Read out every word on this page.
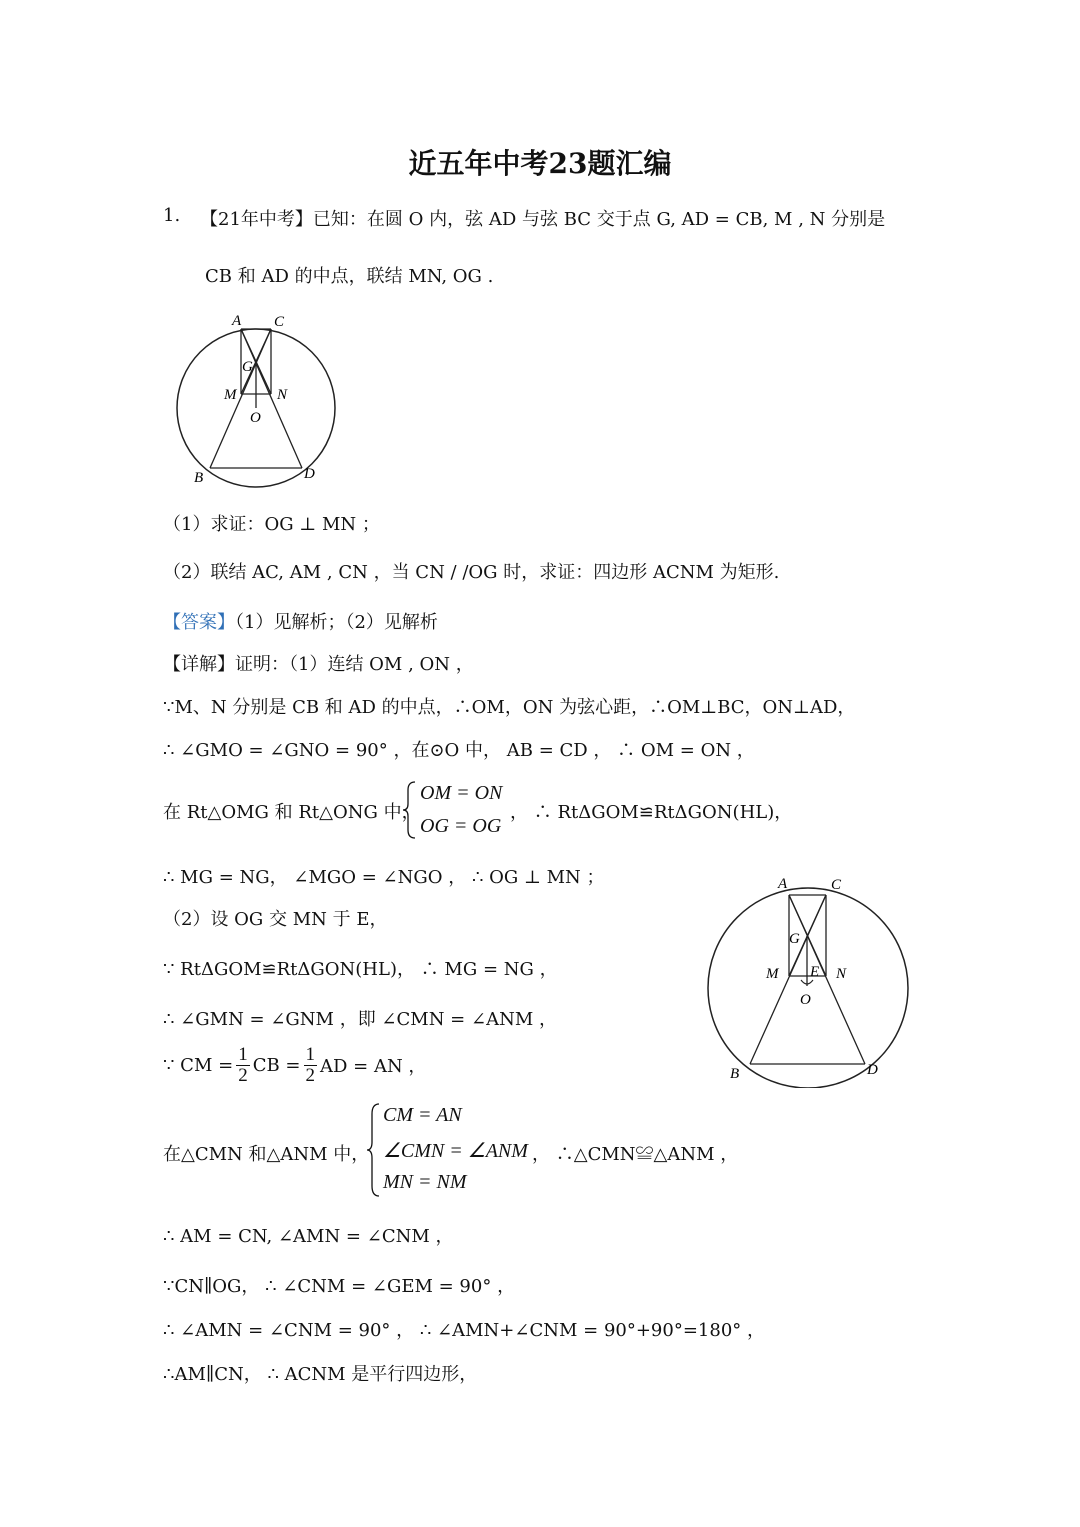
近五年中考23题汇编
1. 【21年中考】已知：在圆 O 内，弦 AD 与弦 BC 交于点 G, AD = CB, M , N 分别是
CB 和 AD 的中点，联结 MN, OG .
A C
G
M	N
O
B	D
（1）求证：OG ⊥ MN ；
（2）联结 AC, AM , CN ，当 CN / /OG 时，求证：四边形 ACNM 为矩形.
【答案】（1）见解析；（2）见解析
【详解】证明：（1）连结 OM , ON ，
∵M、N 分别是 CB 和 AD 的中点，∴OM，ON 为弦心距，∴OM⊥BC，ON⊥AD，
∴ ∠GMO = ∠GNO = 90° ，在⊙O 中， AB = CD ， ∴ OM = ON ，
在 Rt△OMG 和 Rt△ONG 中，
OM = ON
OG = OG
， ∴ RtΔGOM≌RtΔGON(HL)，
∴ MG = NG， ∠MGO = ∠NGO ， ∴ OG ⊥ MN ；
（2）设 OG 交 MN 于 E，
∵ RtΔGOM≌RtΔGON(HL)， ∴ MG = NG ，
∴ ∠GMN = ∠GNM ，即 ∠CMN = ∠ANM ，
∵ CM = $\frac{1}{2}$ CB = $\frac{1}{2}$ AD = AN ，
在△CMN 和△ANM 中，
CM = AN
∠CMN = ∠ANM
MN = NM
， ∴△CMN≌△ANM ，
∴ AM = CN, ∠AMN = ∠CNM ，
∵CN∥OG， ∴ ∠CNM = ∠GEM = 90° ，
∴ ∠AMN = ∠CNM = 90° ， ∴ ∠AMN+∠CNM = 90°+90°=180° ，
∴AM∥CN， ∴ ACNM 是平行四边形，
A	C
G
M E N
O
B	D
